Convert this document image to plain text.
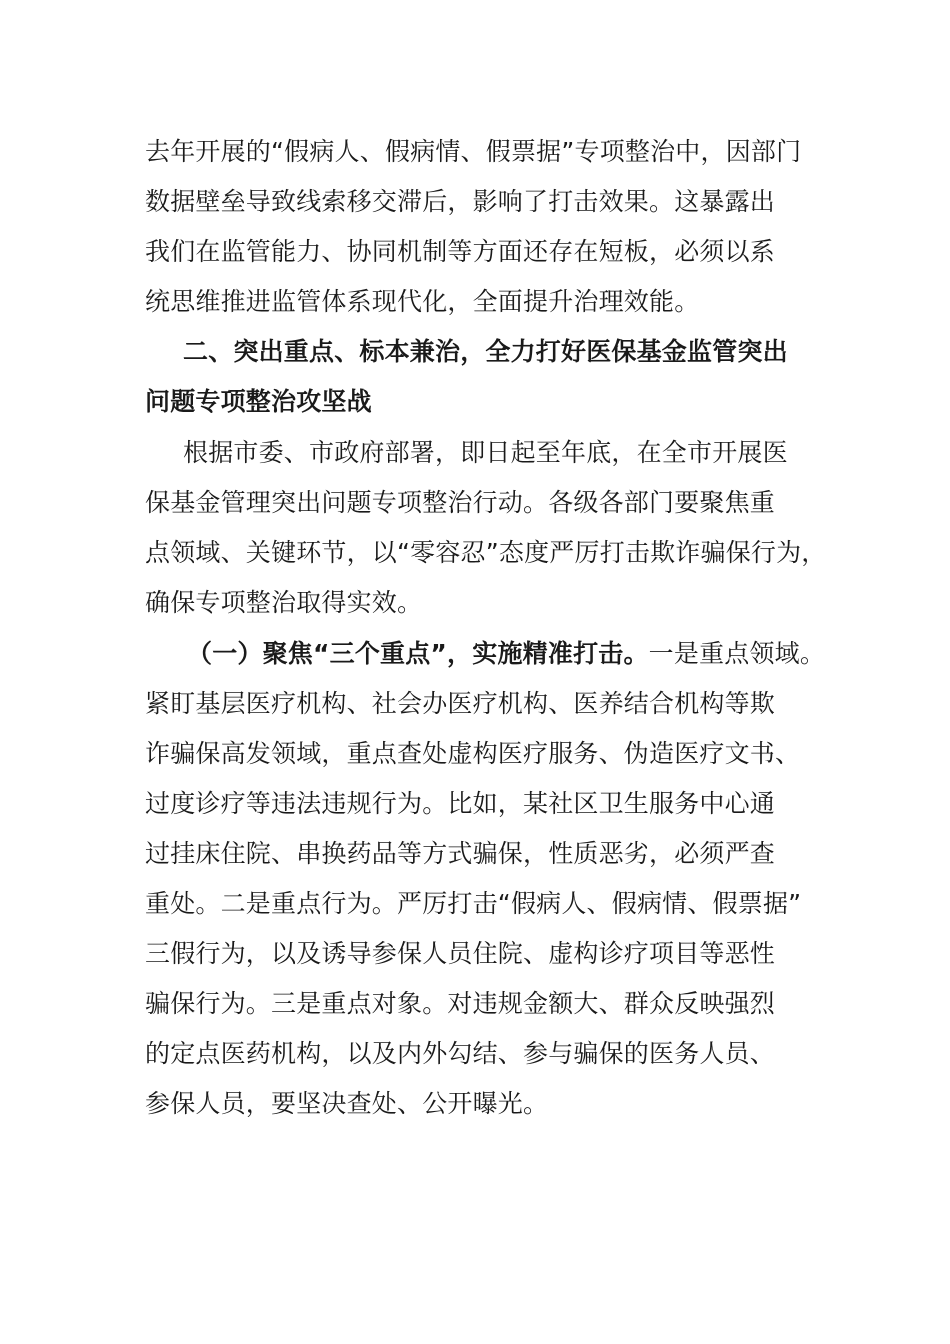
去年开展的“假病人、假病情、假票据”专项整治中，因部门
数据壁垒导致线索移交滞后，影响了打击效果。这暴露出
我们在监管能力、协同机制等方面还存在短板，必须以系
统思维推进监管体系现代化，全面提升治理效能。
二、突出重点、标本兼治，全力打好医保基金监管突出
问题专项整治攻坚战
根据市委、市政府部署，即日起至年底，在全市开展医
保基金管理突出问题专项整治行动。各级各部门要聚焦重
点领域、关键环节，以“零容忍”态度严厉打击欺诈骗保行为，
确保专项整治取得实效。
（一）聚焦“三个重点”，实施精准打击。一是重点领域。
紧盯基层医疗机构、社会办医疗机构、医养结合机构等欺
诈骗保高发领域，重点查处虚构医疗服务、伪造医疗文书、
过度诊疗等违法违规行为。比如，某社区卫生服务中心通
过挂床住院、串换药品等方式骗保，性质恶劣，必须严查
重处。二是重点行为。严厉打击“假病人、假病情、假票据”
三假行为，以及诱导参保人员住院、虚构诊疗项目等恶性
骗保行为。三是重点对象。对违规金额大、群众反映强烈
的定点医药机构，以及内外勾结、参与骗保的医务人员、
参保人员，要坚决查处、公开曝光。
